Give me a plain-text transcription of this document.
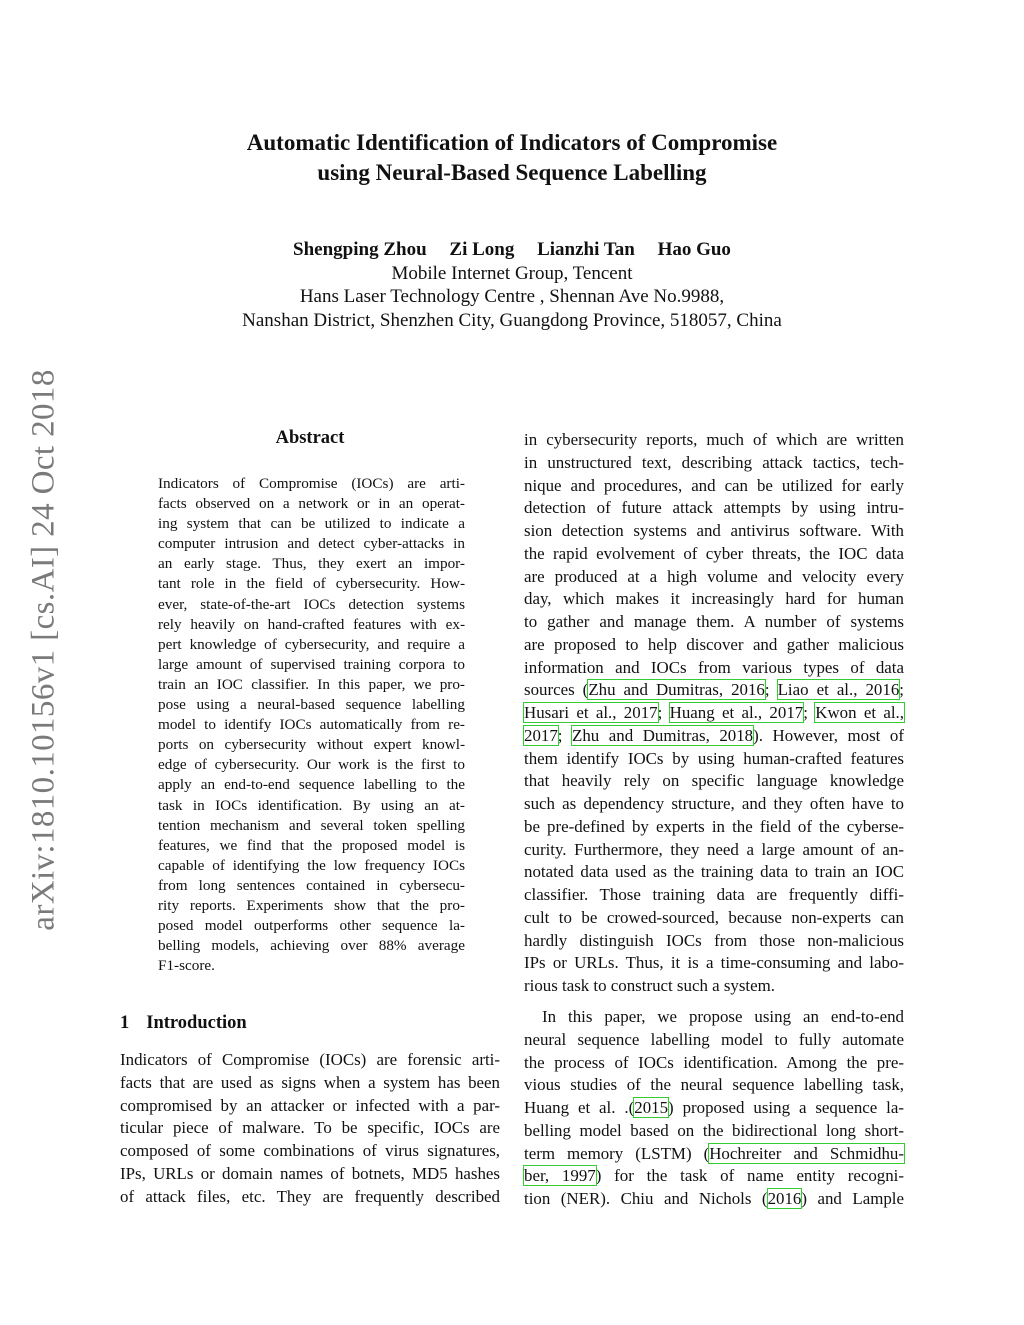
Automatic Identification of Indicators of Compromise
using Neural-Based Sequence Labelling
Shengping Zhou Zi Long Lianzhi Tan Hao Guo
Mobile Internet Group, Tencent
Hans Laser Technology Centre , Shennan Ave No.9988,
Nanshan District, Shenzhen City, Guangdong Province, 518057, China
arXiv:1810.10156v1 [cs.AI] 24 Oct 2018	Abstract
Indicators of Compromise (IOCs) are arti-
facts observed on a network or in an operat-
ing system that can be utilized to indicate a
computer intrusion and detect cyber-attacks in
an early stage. Thus, they exert an impor-
tant role in the field of cybersecurity. How-
ever, state-of-the-art IOCs detection systems
rely heavily on hand-crafted features with ex-
pert knowledge of cybersecurity, and require a
large amount of supervised training corpora to
train an IOC classifier. In this paper, we pro-
pose using a neural-based sequence labelling
model to identify IOCs automatically from re-
ports on cybersecurity without expert knowl-
edge of cybersecurity. Our work is the first to
apply an end-to-end sequence labelling to the
task in IOCs identification. By using an at-
tention mechanism and several token spelling
features, we find that the proposed model is
capable of identifying the low frequency IOCs
from long sentences contained in cybersecu-
rity reports. Experiments show that the pro-
posed model outperforms other sequence la-
belling models, achieving over 88% average
F1-score.
1 Introduction
Indicators of Compromise (IOCs) are forensic arti-
facts that are used as signs when a system has been
compromised by an attacker or infected with a par-
ticular piece of malware. To be specific, IOCs are
composed of some combinations of virus signatures,
IPs, URLs or domain names of botnets, MD5 hashes
of attack files, etc. They are frequently described
in cybersecurity reports, much of which are written
in unstructured text, describing attack tactics, tech-
nique and procedures, and can be utilized for early
detection of future attack attempts by using intru-
sion detection systems and antivirus software. With
the rapid evolvement of cyber threats, the IOC data
are produced at a high volume and velocity every
day, which makes it increasingly hard for human
to gather and manage them. A number of systems
are proposed to help discover and gather malicious
information and IOCs from various types of data
sources (Zhu and Dumitras, 2016; Liao et al., 2016;
Husari et al., 2017; Huang et al., 2017; Kwon et al.,
2017; Zhu and Dumitras, 2018). However, most of
them identify IOCs by using human-crafted features
that heavily rely on specific language knowledge
such as dependency structure, and they often have to
be pre-defined by experts in the field of the cyberse-
curity. Furthermore, they need a large amount of an-
notated data used as the training data to train an IOC
classifier. Those training data are frequently diffi-
cult to be crowed-sourced, because non-experts can
hardly distinguish IOCs from those non-malicious
IPs or URLs. Thus, it is a time-consuming and labo-
rious task to construct such a system.
In this paper, we propose using an end-to-end
neural sequence labelling model to fully automate
the process of IOCs identification. Among the pre-
vious studies of the neural sequence labelling task,
Huang et al. .(2015) proposed using a sequence la-
belling model based on the bidirectional long short-
term memory (LSTM) (Hochreiter and Schmidhu-
ber, 1997) for the task of name entity recogni-
tion (NER). Chiu and Nichols (2016) and Lample
